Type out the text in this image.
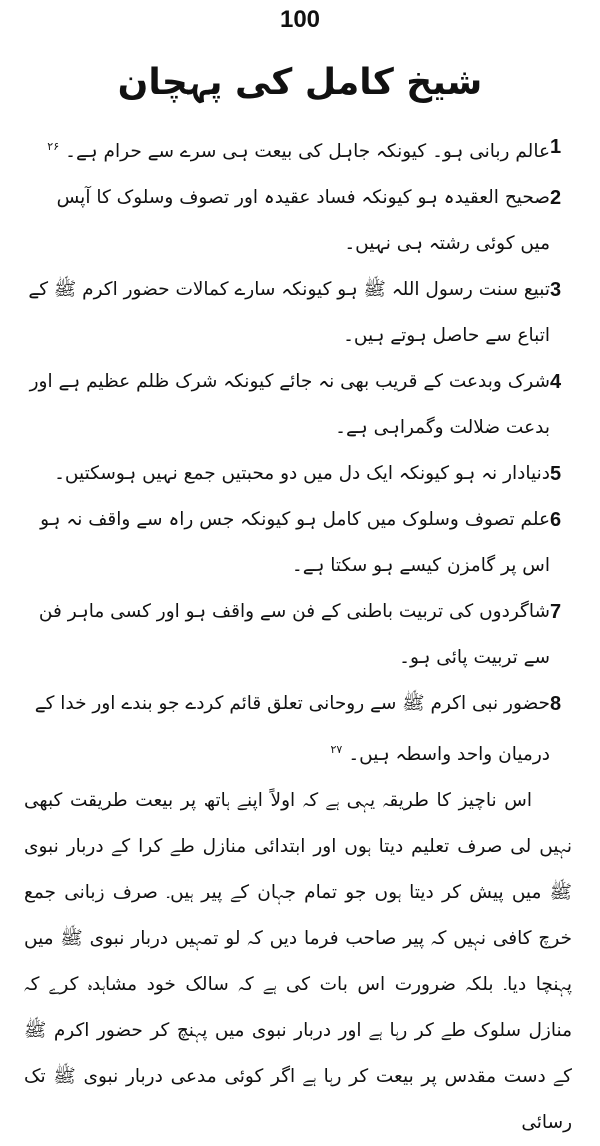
100
شیخ کامل کی پہچان
1
عالم ربانی ہو۔ کیونکہ جاہل کی بیعت ہی سرے سے حرام ہے۔$^{۲۶}$
2
صحیح العقیدہ ہو کیونکہ فساد عقیدہ اور تصوف وسلوک کا آپس میں کوئی رشتہ ہی نہیں۔
3
تبیع سنت رسول اللہ ﷺ ہو کیونکہ سارے کمالات حضور اکرم ﷺ کے اتباع سے حاصل ہوتے ہیں۔
4
شرک وبدعت کے قریب بھی نہ جائے کیونکہ شرک ظلم عظیم ہے اور بدعت ضلالت وگمراہی ہے۔
5
دنیادار نہ ہو کیونکہ ایک دل میں دو محبتیں جمع نہیں ہوسکتیں۔
6
علم تصوف وسلوک میں کامل ہو کیونکہ جس راہ سے واقف نہ ہو اس پر گامزن کیسے ہو سکتا ہے۔
7
شاگردوں کی تربیت باطنی کے فن سے واقف ہو اور کسی ماہر فن سے تربیت پائی ہو۔
8
حضور نبی اکرم ﷺ سے روحانی تعلق قائم کردے جو بندے اور خدا کے درمیان واحد واسطہ ہیں۔$^{۲۷}$
اس ناچیز کا طریقہ یہی ہے کہ اولاً اپنے ہاتھ پر بیعت طریقت کبھی نہیں لی صرف تعلیم دیتا ہوں اور ابتدائی منازل طے کرا کے دربار نبوی ﷺ میں پیش کر دیتا ہوں جو تمام جہان کے پیر ہیں۔ صرف زبانی جمع خرچ کافی نہیں کہ پیر صاحب فرما دیں کہ لو تمہیں دربار نبوی ﷺ میں پہنچا دیا۔ بلکہ ضرورت اس بات کی ہے کہ سالک خود مشاہدہ کرے کہ منازل سلوک طے کر رہا ہے اور دربار نبوی میں پہنچ کر حضور اکرم ﷺ کے دست مقدس پر بیعت کر رہا ہے اگر کوئی مدعی دربار نبوی ﷺ تک رسائی
